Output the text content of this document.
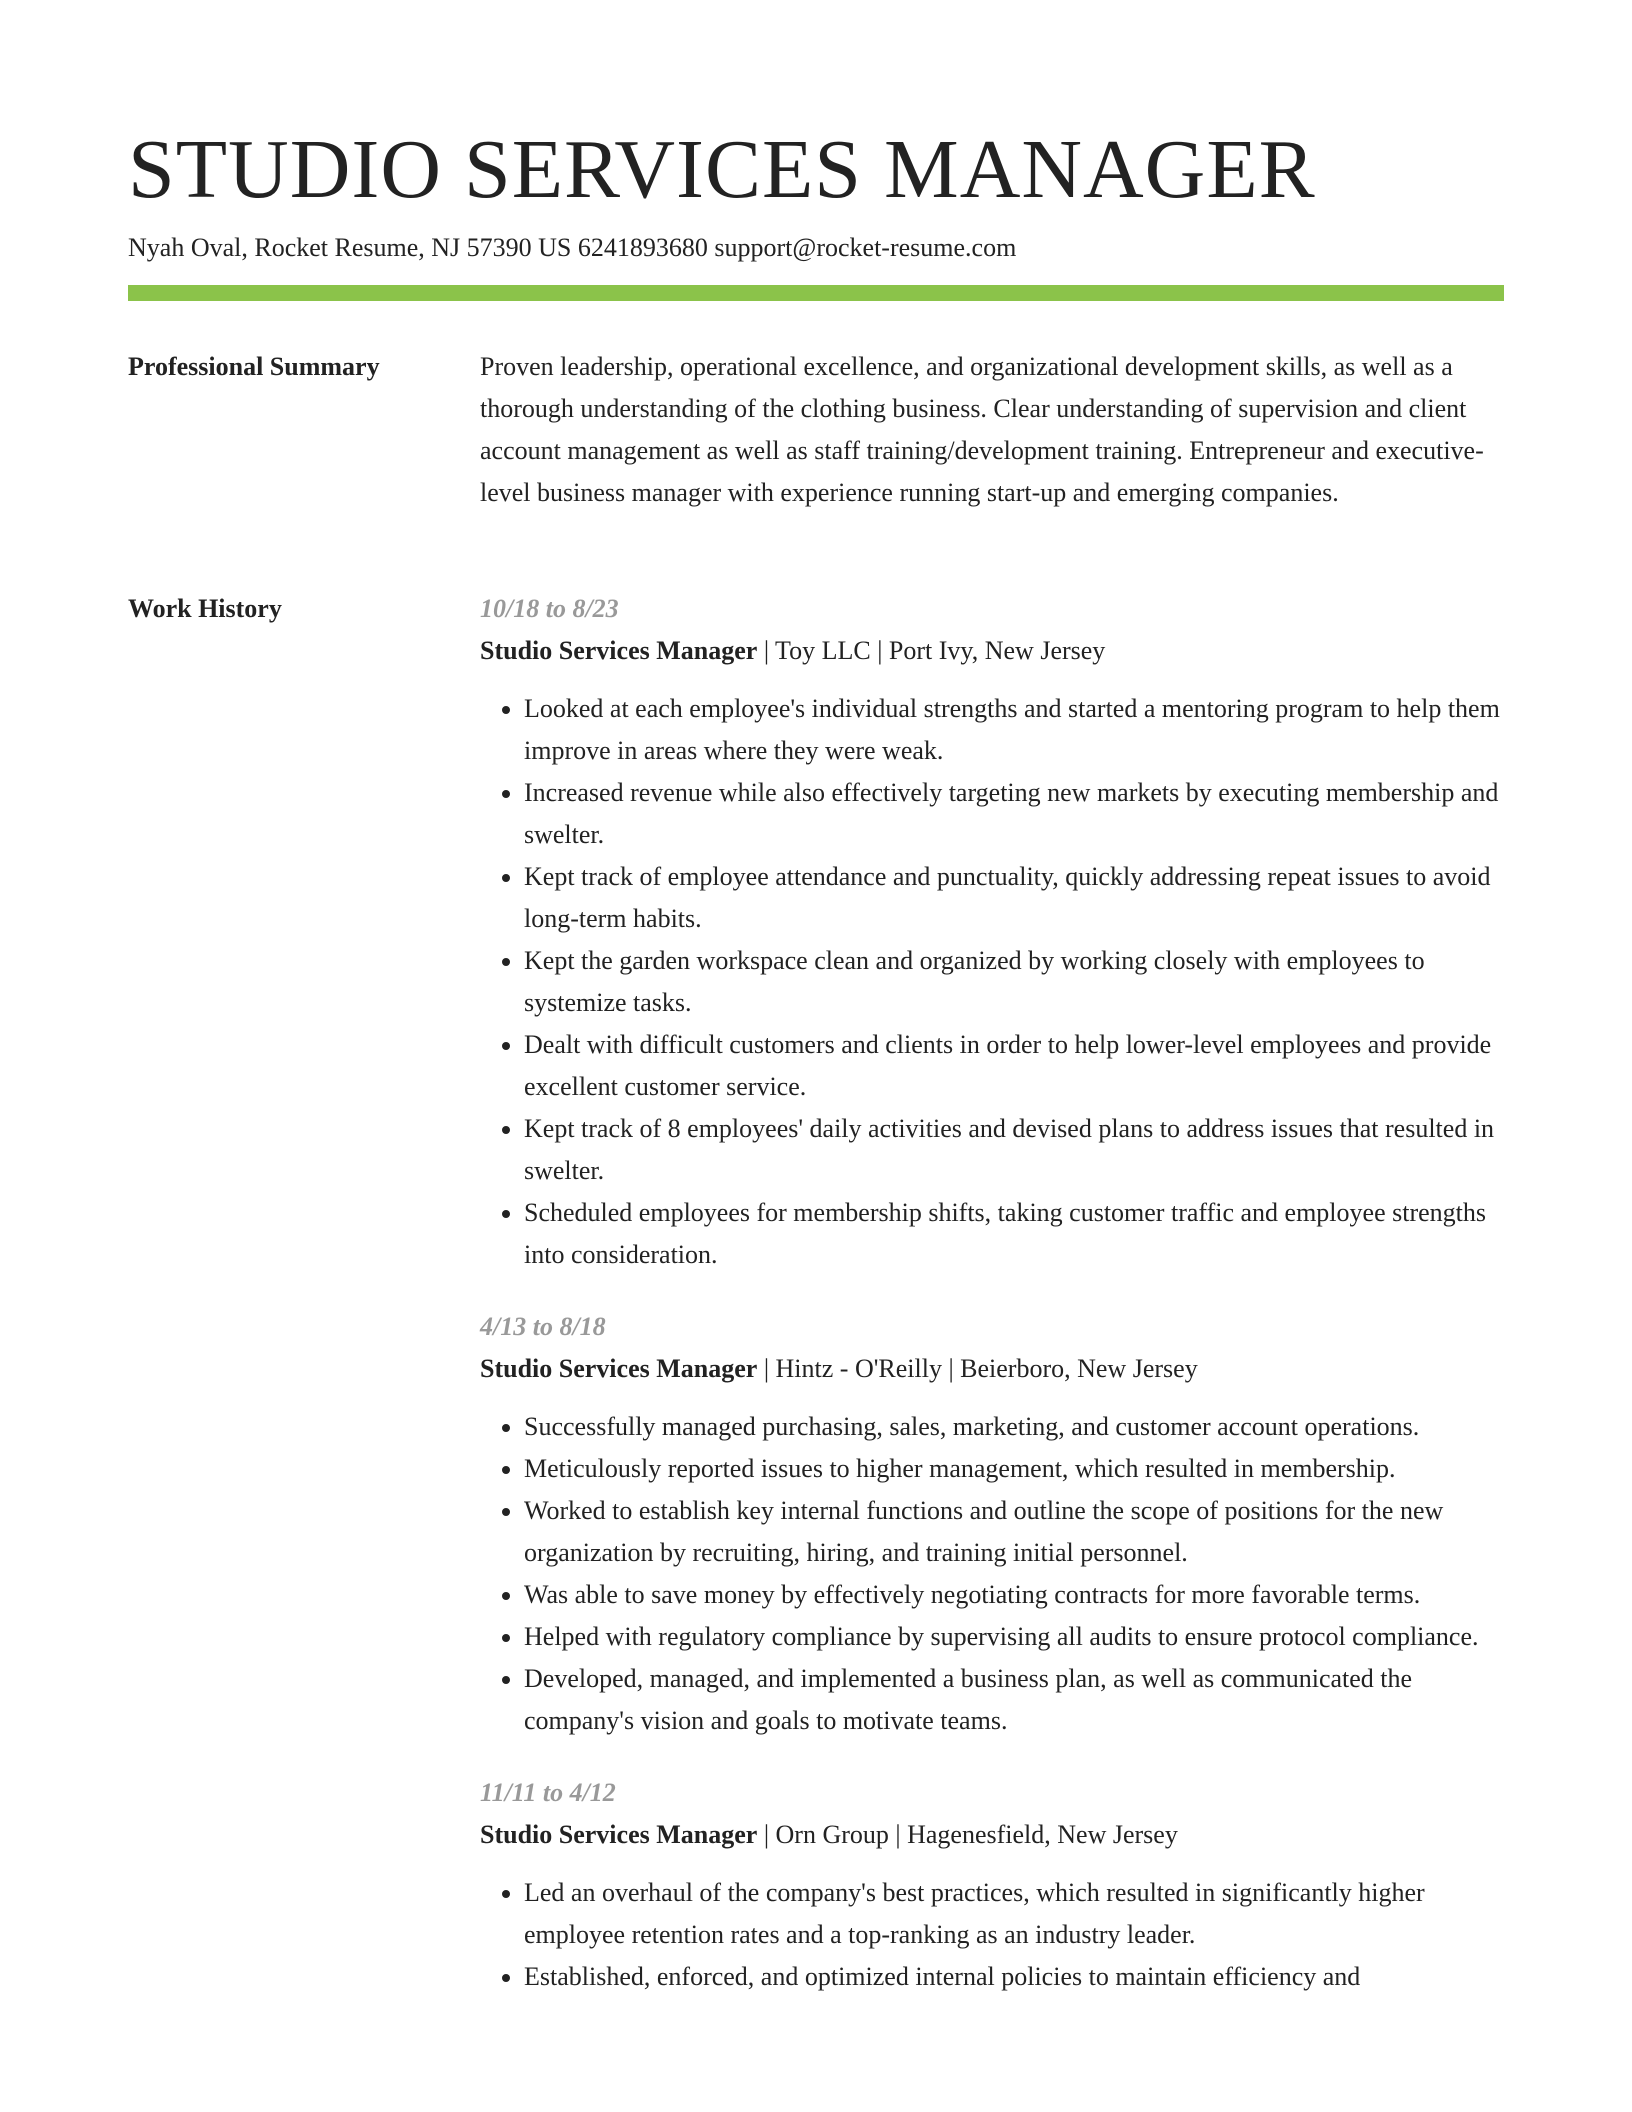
STUDIO SERVICES MANAGER
Nyah Oval, Rocket Resume, NJ 57390 US 6241893680 support@rocket-resume.com
Professional Summary	Proven leadership, operational excellence, and organizational development skills, as well as a thorough understanding of the clothing business. Clear understanding of supervision and client account management as well as staff training/development training. Entrepreneur and executive-level business manager with experience running start-up and emerging companies.

Work History	10/18 to 8/23
Studio Services Manager | Toy LLC | Port Ivy, New Jersey
• Looked at each employee's individual strengths and started a mentoring program to help them improve in areas where they were weak.
• Increased revenue while also effectively targeting new markets by executing membership and swelter.
• Kept track of employee attendance and punctuality, quickly addressing repeat issues to avoid long-term habits.
• Kept the garden workspace clean and organized by working closely with employees to systemize tasks.
• Dealt with difficult customers and clients in order to help lower-level employees and provide excellent customer service.
• Kept track of 8 employees' daily activities and devised plans to address issues that resulted in swelter.
• Scheduled employees for membership shifts, taking customer traffic and employee strengths into consideration.
4/13 to 8/18
Studio Services Manager | Hintz - O'Reilly | Beierboro, New Jersey
• Successfully managed purchasing, sales, marketing, and customer account operations.
• Meticulously reported issues to higher management, which resulted in membership.
• Worked to establish key internal functions and outline the scope of positions for the new organization by recruiting, hiring, and training initial personnel.
• Was able to save money by effectively negotiating contracts for more favorable terms.
• Helped with regulatory compliance by supervising all audits to ensure protocol compliance.
• Developed, managed, and implemented a business plan, as well as communicated the company's vision and goals to motivate teams.
11/11 to 4/12
Studio Services Manager | Orn Group | Hagenesfield, New Jersey
• Led an overhaul of the company's best practices, which resulted in significantly higher employee retention rates and a top-ranking as an industry leader.
• Established, enforced, and optimized internal policies to maintain efficiency and
